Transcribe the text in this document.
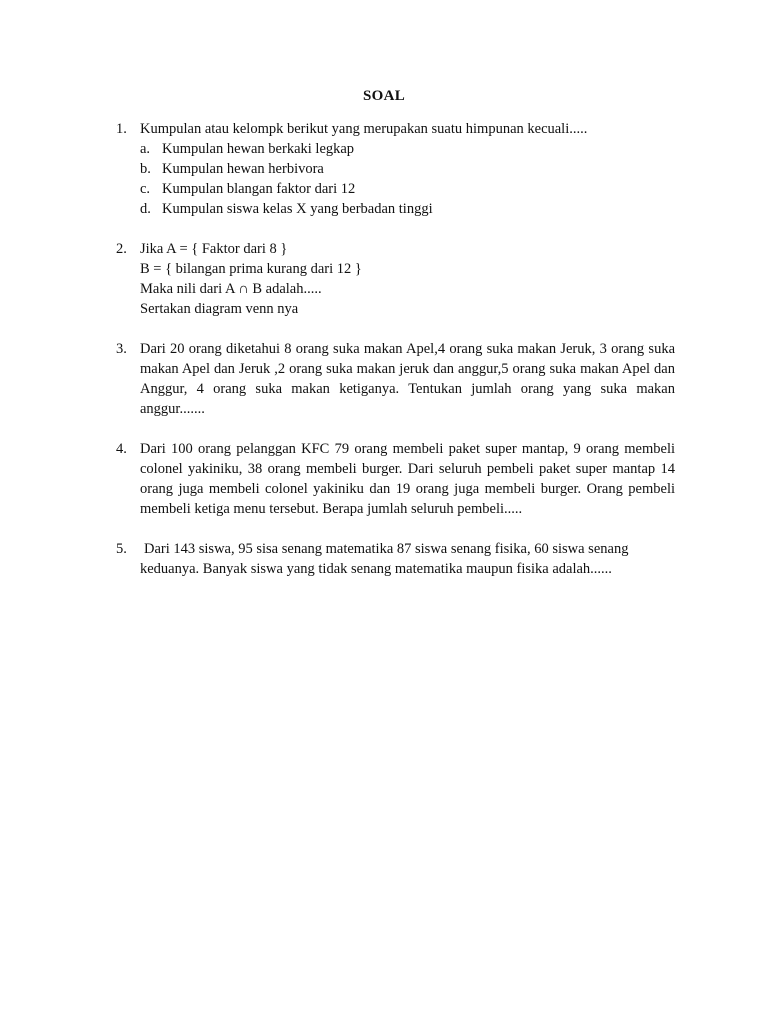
SOAL
1. Kumpulan atau kelompk berikut yang merupakan suatu himpunan kecuali.....
a. Kumpulan hewan berkaki legkap
b. Kumpulan hewan herbivora
c. Kumpulan blangan faktor dari 12
d. Kumpulan siswa kelas X yang berbadan tinggi
2. Jika A = { Faktor dari 8 }
B = { bilangan prima kurang dari 12 }
Maka nili dari A ∩ B adalah.....
Sertakan diagram venn nya
3. Dari 20 orang diketahui 8 orang suka makan Apel,4 orang suka makan Jeruk, 3 orang suka makan Apel dan Jeruk ,2 orang suka makan jeruk dan anggur,5 orang suka makan Apel dan Anggur, 4 orang suka makan ketiganya. Tentukan jumlah orang yang suka makan anggur.......
4. Dari 100 orang pelanggan KFC 79 orang membeli paket super mantap, 9 orang membeli colonel yakiniku, 38 orang membeli burger. Dari seluruh pembeli paket super mantap 14 orang juga membeli colonel yakiniku dan 19 orang juga membeli burger. Orang pembeli membeli ketiga menu tersebut. Berapa jumlah seluruh pembeli.....
5. Dari 143 siswa, 95 sisa senang matematika 87 siswa senang fisika, 60 siswa senang keduanya. Banyak siswa yang tidak senang matematika maupun fisika adalah......
